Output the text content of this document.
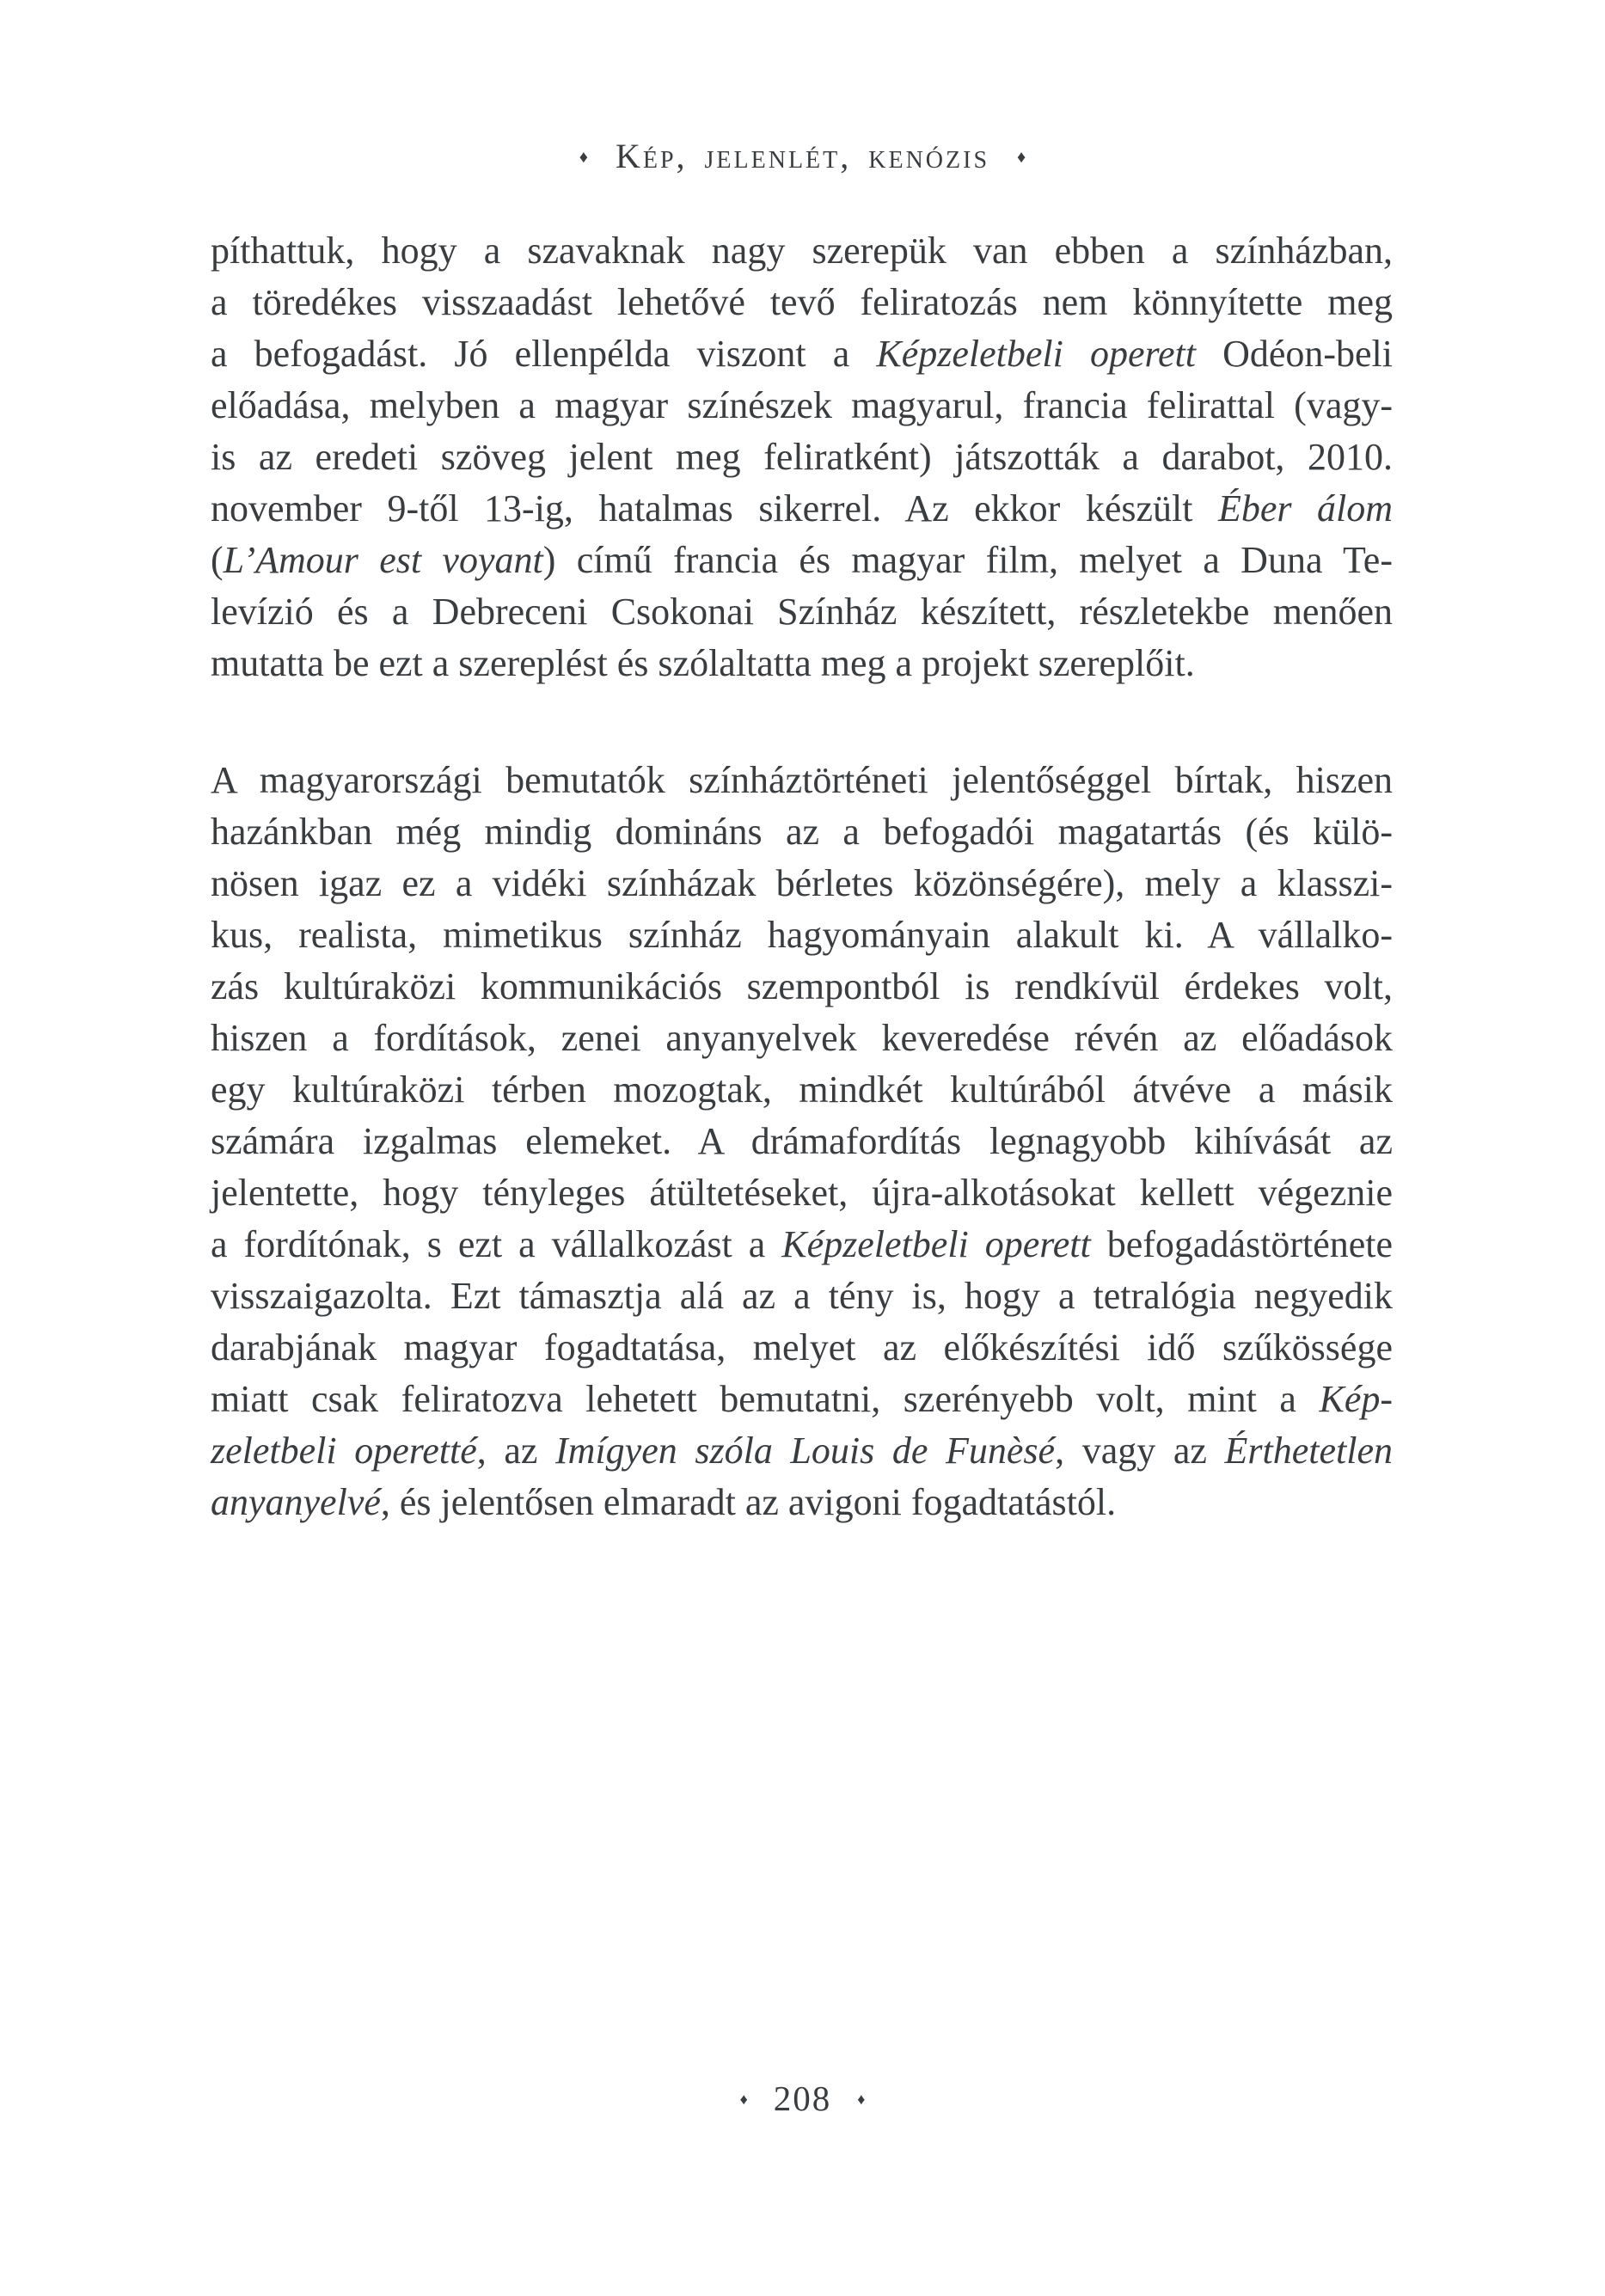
♦ Kép, jelenlét, kenózis ♦
píthattuk, hogy a szavaknak nagy szerepük van ebben a színházban,
a töredékes visszaadást lehetővé tevő feliratozás nem könnyítette meg
a befogadást. Jó ellenpélda viszont a Képzeletbeli operett Odéon-beli
előadása, melyben a magyar színészek magyarul, francia felirattal (vagy-
is az eredeti szöveg jelent meg feliratként) játszották a darabot, 2010.
november 9-től 13-ig, hatalmas sikerrel. Az ekkor készült Éber álom
(L’Amour est voyant) című francia és magyar film, melyet a Duna Te-
levízió és a Debreceni Csokonai Színház készített, részletekbe menően
mutatta be ezt a szereplést és szólaltatta meg a projekt szereplőit.
A magyarországi bemutatók színháztörténeti jelentőséggel bírtak, hiszen
hazánkban még mindig domináns az a befogadói magatartás (és külö-
nösen igaz ez a vidéki színházak bérletes közönségére), mely a klasszi-
kus, realista, mimetikus színház hagyományain alakult ki. A vállalko-
zás kultúraközi kommunikációs szempontból is rendkívül érdekes volt,
hiszen a fordítások, zenei anyanyelvek keveredése révén az előadások
egy kultúraközi térben mozogtak, mindkét kultúrából átvéve a másik
számára izgalmas elemeket. A drámafordítás legnagyobb kihívását az
jelentette, hogy tényleges átültetéseket, újra-alkotásokat kellett végeznie
a fordítónak, s ezt a vállalkozást a Képzeletbeli operett befogadástörténete
visszaigazolta. Ezt támasztja alá az a tény is, hogy a tetralógia negyedik
darabjának magyar fogadtatása, melyet az előkészítési idő szűkössége
miatt csak feliratozva lehetett bemutatni, szerényebb volt, mint a Kép-
zeletbeli operetté, az Imígyen szóla Louis de Funèsé, vagy az Érthetetlen
anyanyelvé, és jelentősen elmaradt az avigoni fogadtatástól.
♦ 208 ♦
